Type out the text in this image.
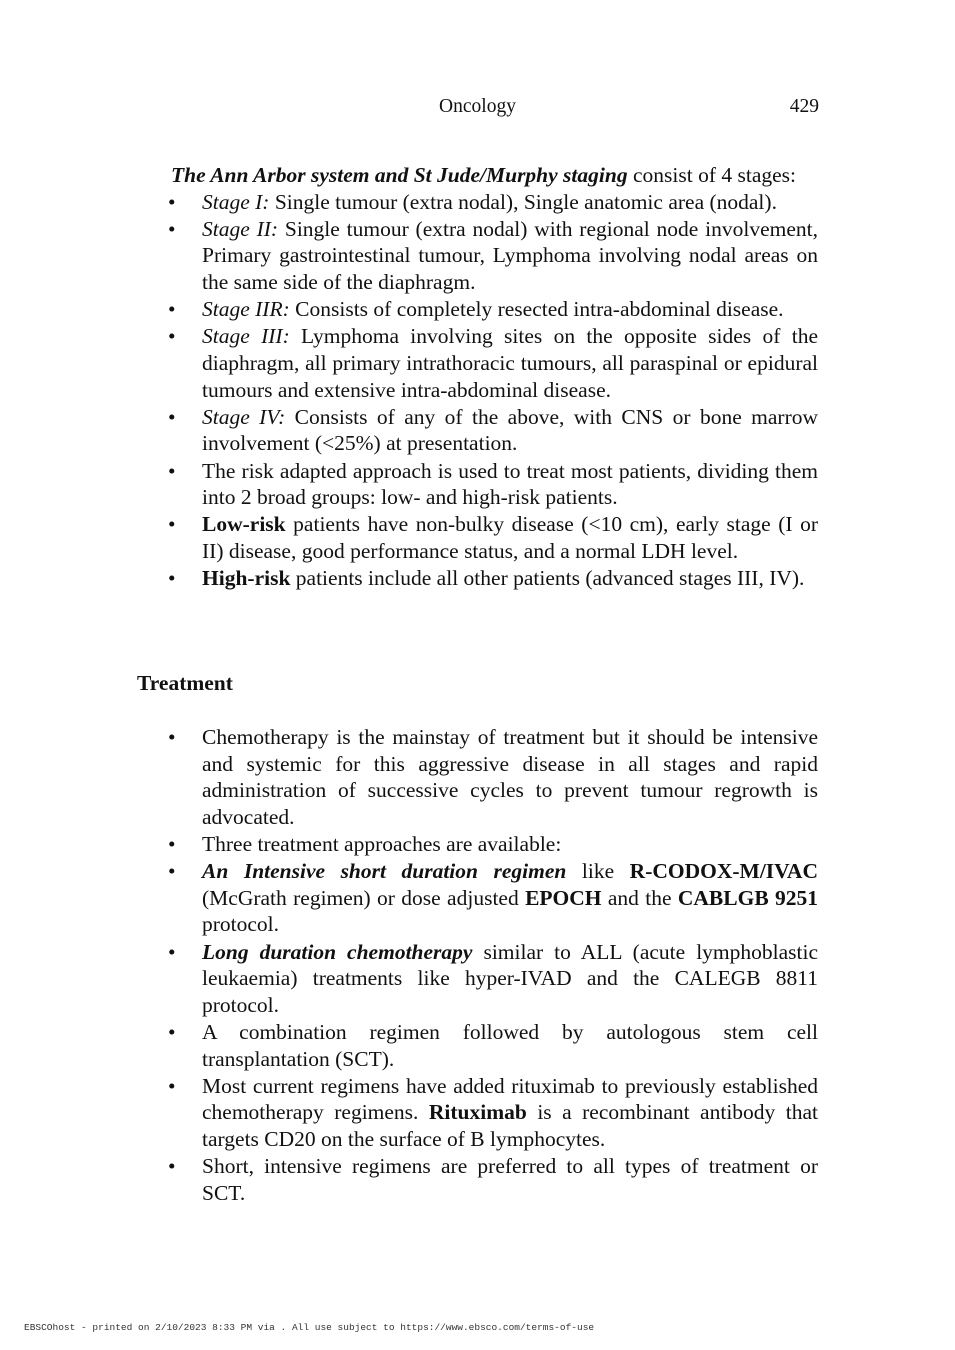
Oncology	429

The Ann Arbor system and St Jude/Murphy staging consist of 4 stages:

• Stage I: Single tumour (extra nodal), Single anatomic area (nodal).
• Stage II: Single tumour (extra nodal) with regional node involvement, Primary gastrointestinal tumour, Lymphoma involving nodal areas on the same side of the diaphragm.
• Stage IIR: Consists of completely resected intra-abdominal disease.
• Stage III: Lymphoma involving sites on the opposite sides of the diaphragm, all primary intrathoracic tumours, all paraspinal or epidural tumours and extensive intra-abdominal disease.
• Stage IV: Consists of any of the above, with CNS or bone marrow involvement (<25%) at presentation.
• The risk adapted approach is used to treat most patients, dividing them into 2 broad groups: low- and high-risk patients.
• Low-risk patients have non-bulky disease (<10 cm), early stage (I or II) disease, good performance status, and a normal LDH level.
• High-risk patients include all other patients (advanced stages III, IV).
Treatment
• Chemotherapy is the mainstay of treatment but it should be intensive and systemic for this aggressive disease in all stages and rapid administration of successive cycles to prevent tumour regrowth is advocated.
• Three treatment approaches are available:
• An Intensive short duration regimen like R-CODOX-M/IVAC (McGrath regimen) or dose adjusted EPOCH and the CABLGB 9251 protocol.
• Long duration chemotherapy similar to ALL (acute lymphoblastic leukaemia) treatments like hyper-IVAD and the CALEGB 8811 protocol.
• A combination regimen followed by autologous stem cell transplantation (SCT).
• Most current regimens have added rituximab to previously established chemotherapy regimens. Rituximab is a recombinant antibody that targets CD20 on the surface of B lymphocytes.
• Short, intensive regimens are preferred to all types of treatment or SCT.
EBSCOhost - printed on 2/10/2023 8:33 PM via . All use subject to https://www.ebsco.com/terms-of-use
